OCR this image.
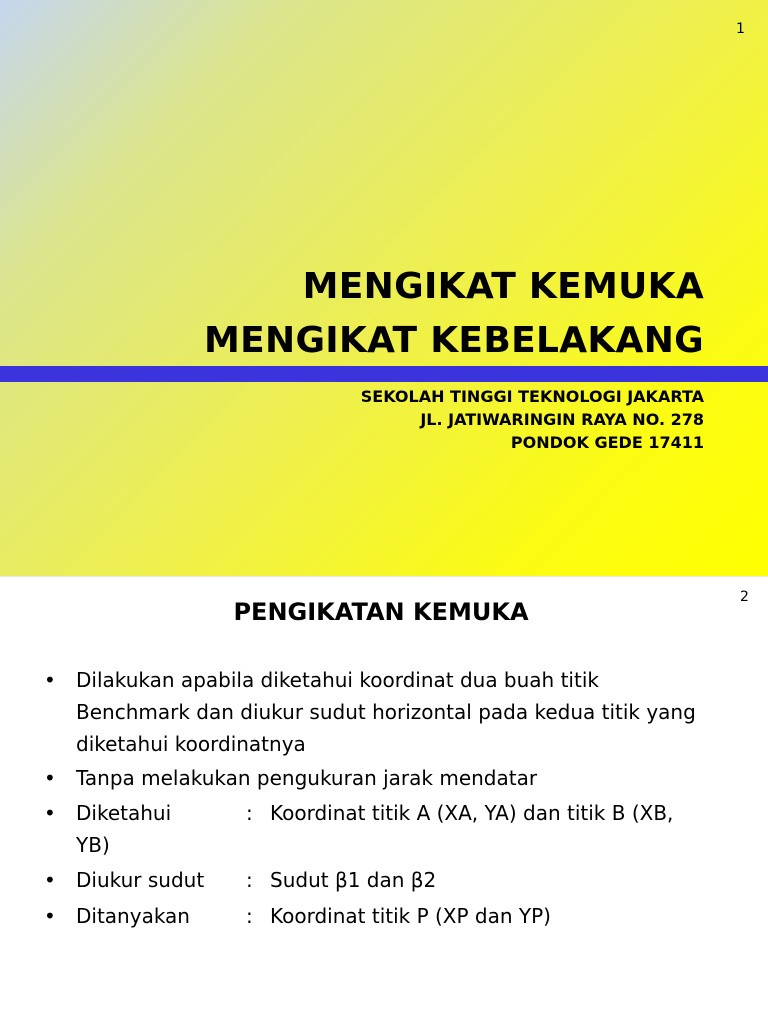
1
MENGIKAT KEMUKA
MENGIKAT KEBELAKANG
SEKOLAH TINGGI TEKNOLOGI JAKARTA
JL. JATIWARINGIN RAYA NO. 278
PONDOK GEDE 17411
2
PENGIKATAN KEMUKA
• Dilakukan apabila diketahui koordinat dua buah titik
Benchmark dan diukur sudut horizontal pada kedua titik yang
diketahui koordinatnya
• Tanpa melakukan pengukuran jarak mendatar
• Diketahui	: Koordinat titik A (XA, YA) dan titik B (XB,
YB)
• Diukur sudut : Sudut β1 dan β2
• Ditanyakan	: Koordinat titik P (XP dan YP)
